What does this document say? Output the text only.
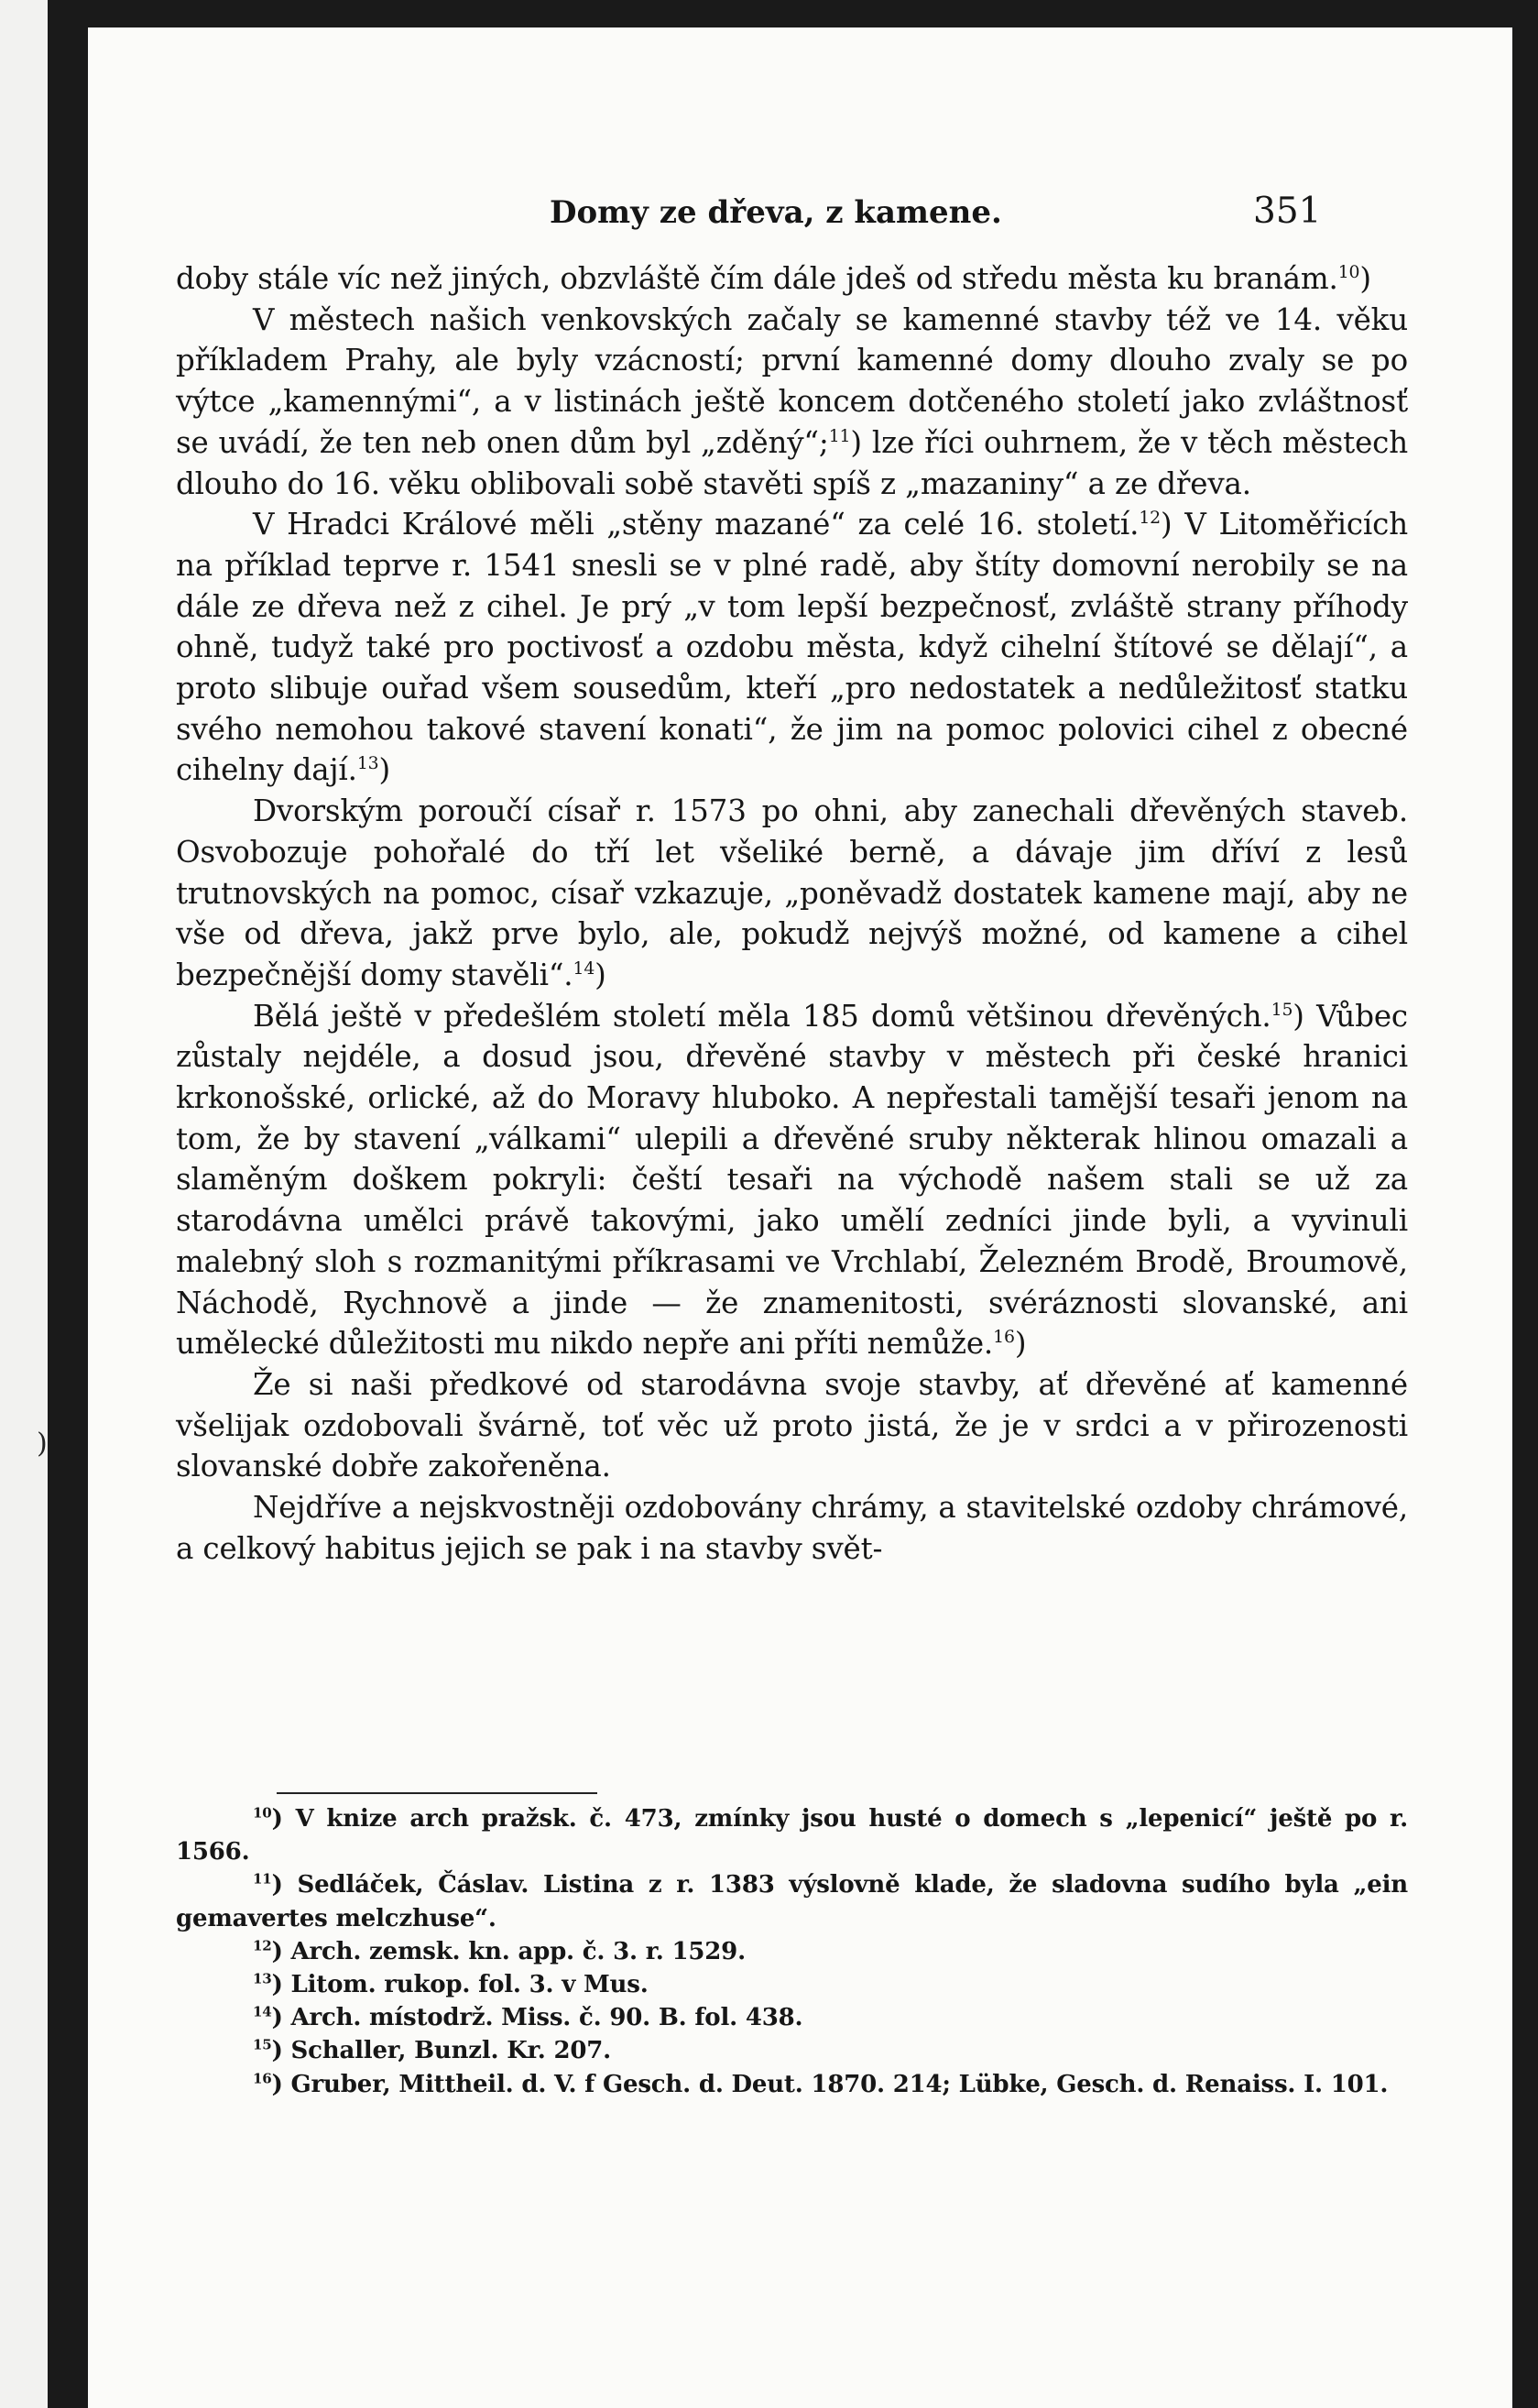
)
Domy ze dřeva, z kamene.	351

doby stále víc než jiných, obzvláště čím dále jdeš od středu města ku branám.$^{10}$)

V městech našich venkovských začaly se kamenné stavby též ve 14. věku příkladem Prahy, ale byly vzácností; první kamenné domy dlouho zvaly se po výtce „kamennými“, a v listinách ještě koncem dotčeného století jako zvláštnosť se uvádí, že ten neb onen dům byl „zděný“;$^{11}$) lze říci ouhrnem, že v těch městech dlouho do 16. věku oblibovali sobě stavěti spíš z „mazaniny“ a ze dřeva.

V Hradci Králové měli „stěny mazané“ za celé 16. století.$^{12}$) V Litoměřicích na příklad teprve r. 1541 snesli se v plné radě, aby štíty domovní nerobily se na dále ze dřeva než z cihel. Je prý „v tom lepší bezpečnosť, zvláště strany příhody ohně, tudyž také pro poctivosť a ozdobu města, když cihelní štítové se dělají“, a proto slibuje ouřad všem sousedům, kteří „pro nedostatek a nedůležitosť statku svého nemohou takové stavení konati“, že jim na pomoc polovici cihel z obecné cihelny dají.$^{13}$)

Dvorským poroučí císař r. 1573 po ohni, aby zanechali dřevěných staveb. Osvobozuje pohořalé do tří let všeliké berně, a dávaje jim dříví z lesů trutnovských na pomoc, císař vzkazuje, „poněvadž dostatek kamene mají, aby ne vše od dřeva, jakž prve bylo, ale, pokudž nejvýš možné, od kamene a cihel bezpečnější domy stavěli“.$^{14}$)

Bělá ještě v předešlém století měla 185 domů většinou dřevěných.$^{15}$) Vůbec zůstaly nejdéle, a dosud jsou, dřevěné stavby v městech při české hranici krkonošské, orlické, až do Moravy hluboko. A nepřestali tamější tesaři jenom na tom, že by stavení „válkami“ ulepili a dřevěné sruby některak hlinou omazali a slaměným doškem pokryli: čeští tesaři na východě našem stali se už za starodávna umělci právě takovými, jako umělí zedníci jinde byli, a vyvinuli malebný sloh s rozmanitými příkrasami ve Vrchlabí, Železném Brodě, Broumově, Náchodě, Rychnově a jinde — že znamenitosti, svéráznosti slovanské, ani umělecké důležitosti mu nikdo nepře ani příti nemůže.$^{16}$)

Že si naši předkové od starodávna svoje stavby, ať dřevěné ať kamenné všelijak ozdobovali švárně, toť věc už proto jistá, že je v srdci a v přirozenosti slovanské dobře zakořeněna.

Nejdříve a nejskvostněji ozdobovány chrámy, a stavitelské ozdoby chrámové, a celkový habitus jejich se pak i na stavby svět-

$^{10}$) V knize arch pražsk. č. 473, zmínky jsou husté o domech s „lepenicí“ ještě po r. 1566.

$^{11}$) Sedláček, Čáslav. Listina z r. 1383 výslovně klade, že sladovna sudího byla „ein gemavertes melczhuse“.

$^{12}$) Arch. zemsk. kn. app. č. 3. r. 1529.

$^{13}$) Litom. rukop. fol. 3. v Mus.

$^{14}$) Arch. místodrž. Miss. č. 90. B. fol. 438.

$^{15}$) Schaller, Bunzl. Kr. 207.

$^{16}$) Gruber, Mittheil. d. V. f Gesch. d. Deut. 1870. 214; Lübke, Gesch. d. Renaiss. I. 101.
